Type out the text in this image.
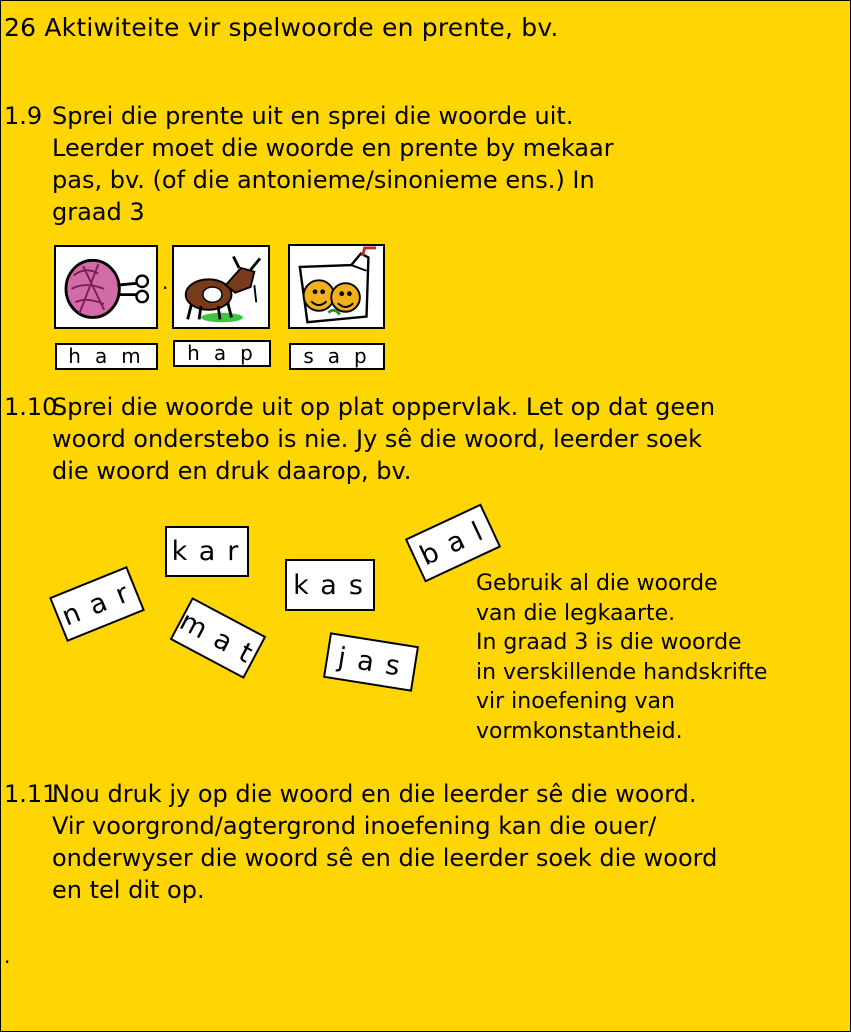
26 Aktiwiteite vir spelwoorde en prente, bv.
1.9 Sprei die prente uit en sprei die woorde uit.
Leerder moet die woorde en prente by mekaar
pas, bv. (of die antonieme/sinonieme ens.) In
graad 3
·
ham	hap	sap
1.10
Sprei die woorde uit op plat oppervlak. Let op dat geen
woord onderstebo is nie. Jy sê die woord, leerder soek
die woord en druk daarop, bv.
kar
kas
bal
nar
mat	jas
Gebruik al die woorde
van die legkaarte.
In graad 3 is die woorde
in verskillende handskrifte
vir inoefening van
vormkonstantheid.
1.11
Nou druk jy op die woord en die leerder sê die woord.
Vir voorgrond/agtergrond inoefening kan die ouer/
onderwyser die woord sê en die leerder soek die woord
en tel dit op.
.
